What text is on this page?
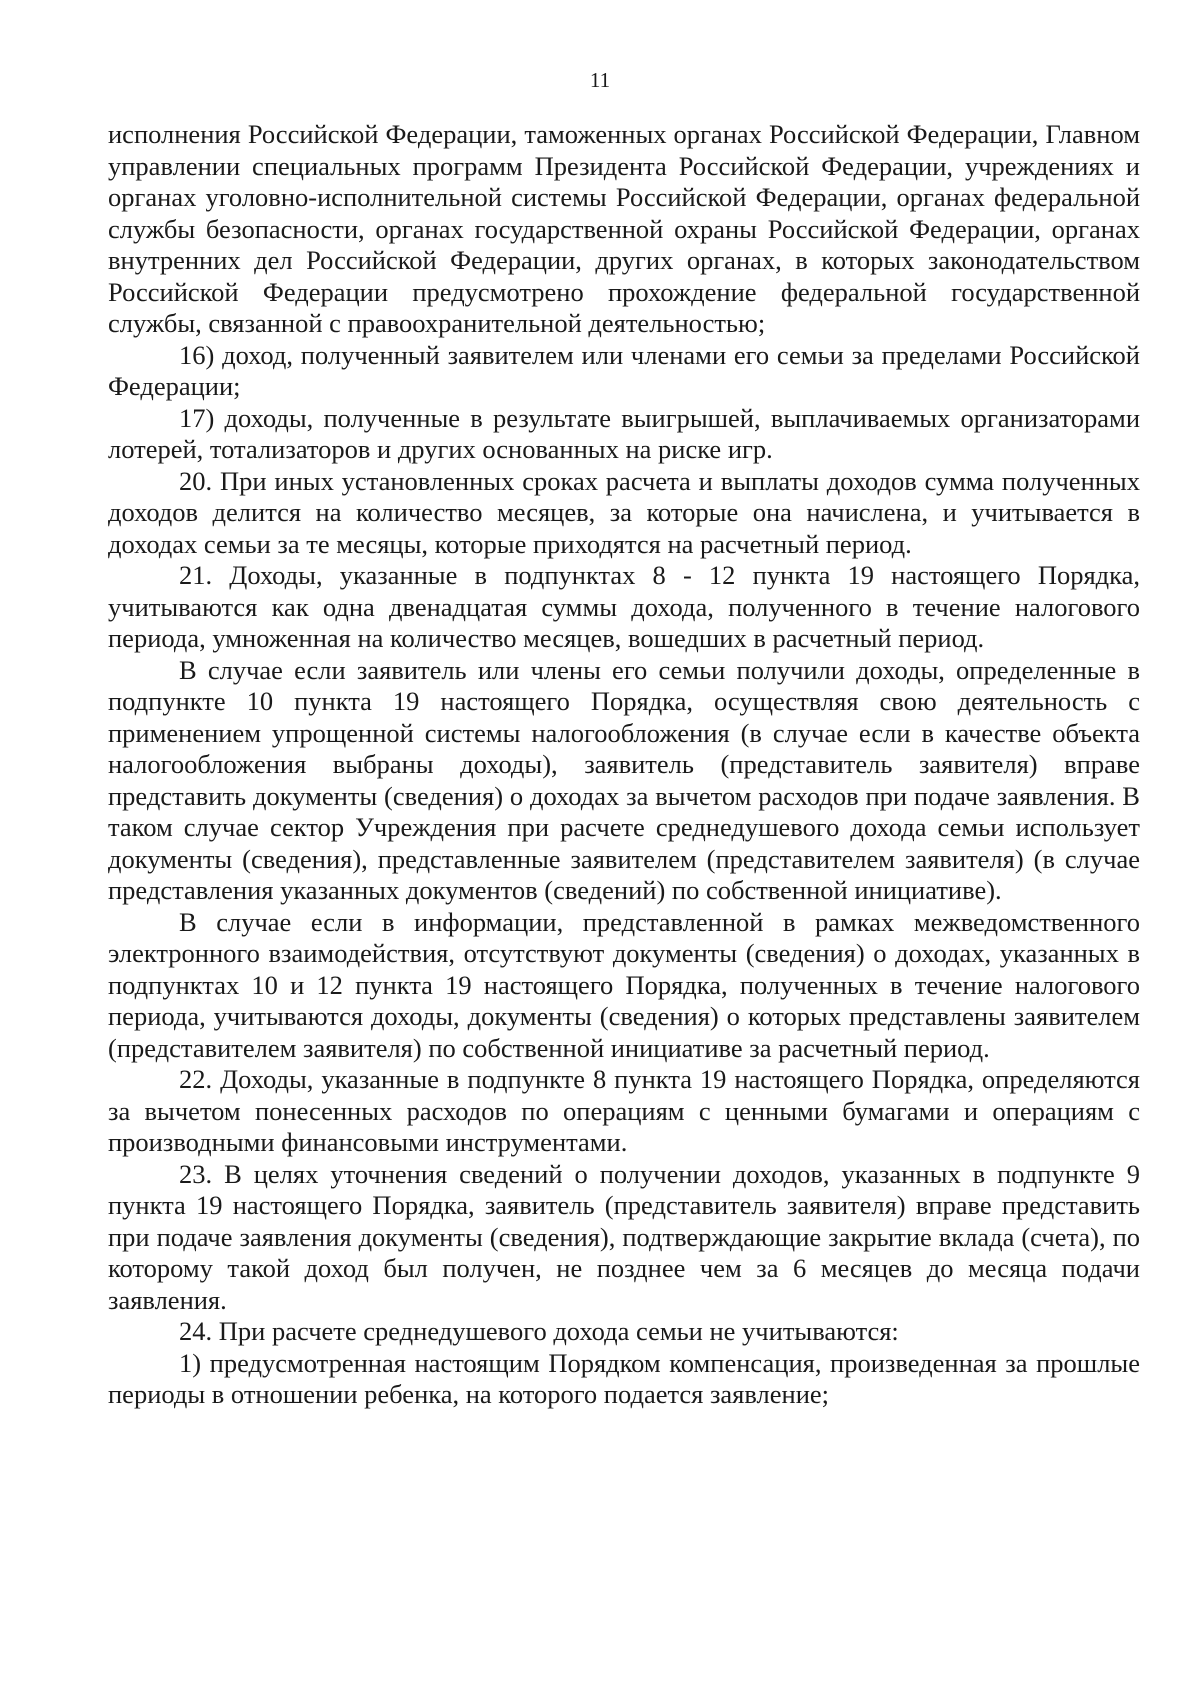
11

исполнения Российской Федерации, таможенных органах Российской Федерации, Главном управлении специальных программ Президента Российской Федерации, учреждениях и органах уголовно-исполнительной системы Российской Федерации, органах федеральной службы безопасности, органах государственной охраны Российской Федерации, органах внутренних дел Российской Федерации, других органах, в которых законодательством Российской Федерации предусмотрено прохождение федеральной государственной службы, связанной с правоохранительной деятельностью;

16) доход, полученный заявителем или членами его семьи за пределами Российской Федерации;

17) доходы, полученные в результате выигрышей, выплачиваемых организаторами лотерей, тотализаторов и других основанных на риске игр.

20. При иных установленных сроках расчета и выплаты доходов сумма полученных доходов делится на количество месяцев, за которые она начислена, и учитывается в доходах семьи за те месяцы, которые приходятся на расчетный период.

21. Доходы, указанные в подпунктах 8 - 12 пункта 19 настоящего Порядка, учитываются как одна двенадцатая суммы дохода, полученного в течение налогового периода, умноженная на количество месяцев, вошедших в расчетный период.

В случае если заявитель или члены его семьи получили доходы, определенные в подпункте 10 пункта 19 настоящего Порядка, осуществляя свою деятельность с применением упрощенной системы налогообложения (в случае если в качестве объекта налогообложения выбраны доходы), заявитель (представитель заявителя) вправе представить документы (сведения) о доходах за вычетом расходов при подаче заявления. В таком случае сектор Учреждения при расчете среднедушевого дохода семьи использует документы (сведения), представленные заявителем (представителем заявителя) (в случае представления указанных документов (сведений) по собственной инициативе).

В случае если в информации, представленной в рамках межведомственного электронного взаимодействия, отсутствуют документы (сведения) о доходах, указанных в подпунктах 10 и 12 пункта 19 настоящего Порядка, полученных в течение налогового периода, учитываются доходы, документы (сведения) о которых представлены заявителем (представителем заявителя) по собственной инициативе за расчетный период.

22. Доходы, указанные в подпункте 8 пункта 19 настоящего Порядка, определяются за вычетом понесенных расходов по операциям с ценными бумагами и операциям с производными финансовыми инструментами.

23. В целях уточнения сведений о получении доходов, указанных в подпункте 9 пункта 19 настоящего Порядка, заявитель (представитель заявителя) вправе представить при подаче заявления документы (сведения), подтверждающие закрытие вклада (счета), по которому такой доход был получен, не позднее чем за 6 месяцев до месяца подачи заявления.

24. При расчете среднедушевого дохода семьи не учитываются:

1) предусмотренная настоящим Порядком компенсация, произведенная за прошлые периоды в отношении ребенка, на которого подается заявление;
